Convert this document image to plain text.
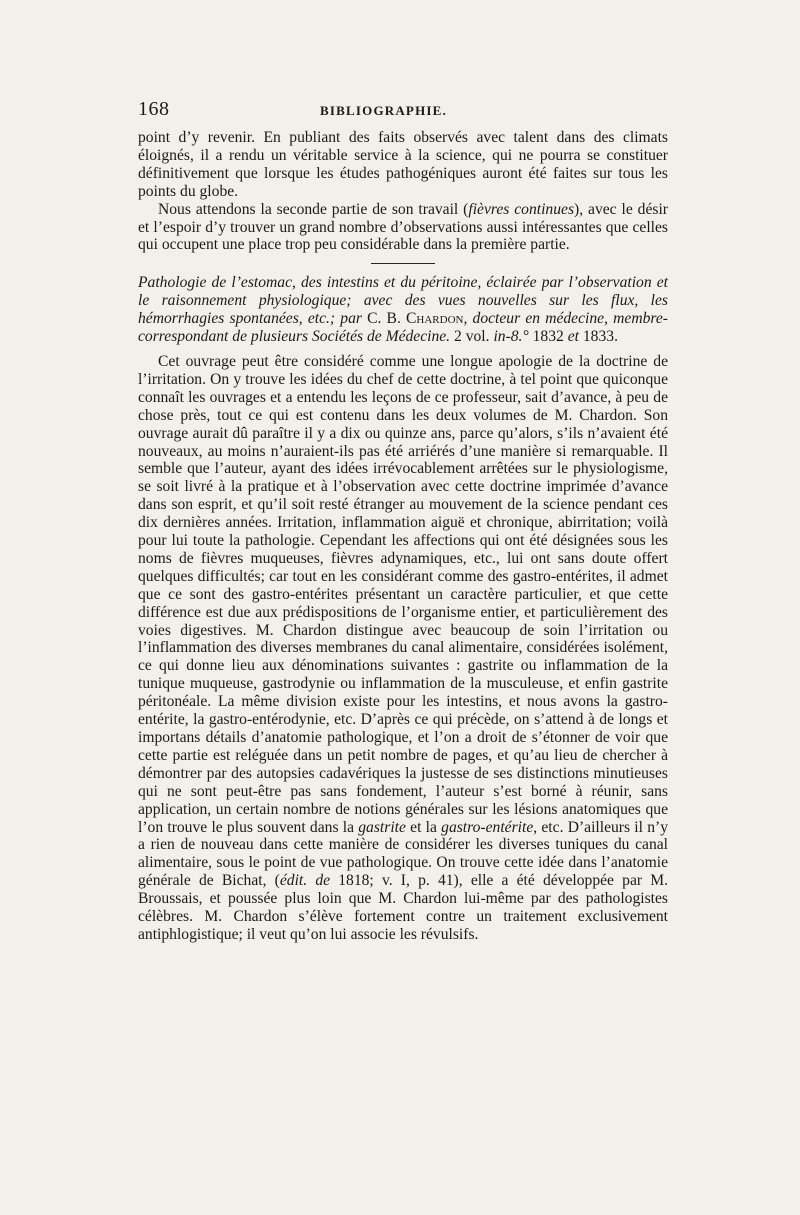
168	BIBLIOGRAPHIE.

point d’y revenir. En publiant des faits observés avec talent dans des climats éloignés, il a rendu un véritable service à la science, qui ne pourra se constituer définitivement que lorsque les études pathogéniques auront été faites sur tous les points du globe.

Nous attendons la seconde partie de son travail (fièvres continues), avec le désir et l’espoir d’y trouver un grand nombre d’observations aussi intéressantes que celles qui occupent une place trop peu considérable dans la première partie.

Pathologie de l’estomac, des intestins et du péritoine, éclairée par l’observation et le raisonnement physiologique; avec des vues nouvelles sur les flux, les hémorrhagies spontanées, etc.; par C. B. Chardon, docteur en médecine, membre-correspondant de plusieurs Sociétés de Médecine. 2 vol. in-8.° 1832 et 1833.

Cet ouvrage peut être considéré comme une longue apologie de la doctrine de l’irritation. On y trouve les idées du chef de cette doctrine, à tel point que quiconque connaît les ouvrages et a entendu les leçons de ce professeur, sait d’avance, à peu de chose près, tout ce qui est contenu dans les deux volumes de M. Chardon. Son ouvrage aurait dû paraître il y a dix ou quinze ans, parce qu’alors, s’ils n’avaient été nouveaux, au moins n’auraient-ils pas été arriérés d’une manière si remarquable. Il semble que l’auteur, ayant des idées irrévocablement arrêtées sur le physiologisme, se soit livré à la pratique et à l’observation avec cette doctrine imprimée d’avance dans son esprit, et qu’il soit resté étranger au mouvement de la science pendant ces dix dernières années. Irritation, inflammation aiguë et chronique, abirritation; voilà pour lui toute la pathologie. Cependant les affections qui ont été désignées sous les noms de fièvres muqueuses, fièvres adynamiques, etc., lui ont sans doute offert quelques difficultés; car tout en les considérant comme des gastro-entérites, il admet que ce sont des gastro-entérites présentant un caractère particulier, et que cette différence est due aux prédispositions de l’organisme entier, et particulièrement des voies digestives. M. Chardon distingue avec beaucoup de soin l’irritation ou l’inflammation des diverses membranes du canal alimentaire, considérées isolément, ce qui donne lieu aux dénominations suivantes : gastrite ou inflammation de la tunique muqueuse, gastrodynie ou inflammation de la musculeuse, et enfin gastrite péritonéale. La même division existe pour les intestins, et nous avons la gastro-entérite, la gastro-entérodynie, etc. D’après ce qui précède, on s’attend à de longs et importans détails d’anatomie pathologique, et l’on a droit de s’étonner de voir que cette partie est reléguée dans un petit nombre de pages, et qu’au lieu de chercher à démontrer par des autopsies cadavériques la justesse de ses distinctions minutieuses qui ne sont peut-être pas sans fondement, l’auteur s’est borné à réunir, sans application, un certain nombre de notions générales sur les lésions anatomiques que l’on trouve le plus souvent dans la gastrite et la gastro-entérite, etc. D’ailleurs il n’y a rien de nouveau dans cette manière de considérer les diverses tuniques du canal alimentaire, sous le point de vue pathologique. On trouve cette idée dans l’anatomie générale de Bichat, (édit. de 1818; v. I, p. 41), elle a été développée par M. Broussais, et poussée plus loin que M. Chardon lui-même par des pathologistes célèbres. M. Chardon s’élève fortement contre un traitement exclusivement antiphlogistique; il veut qu’on lui associe les révulsifs.
